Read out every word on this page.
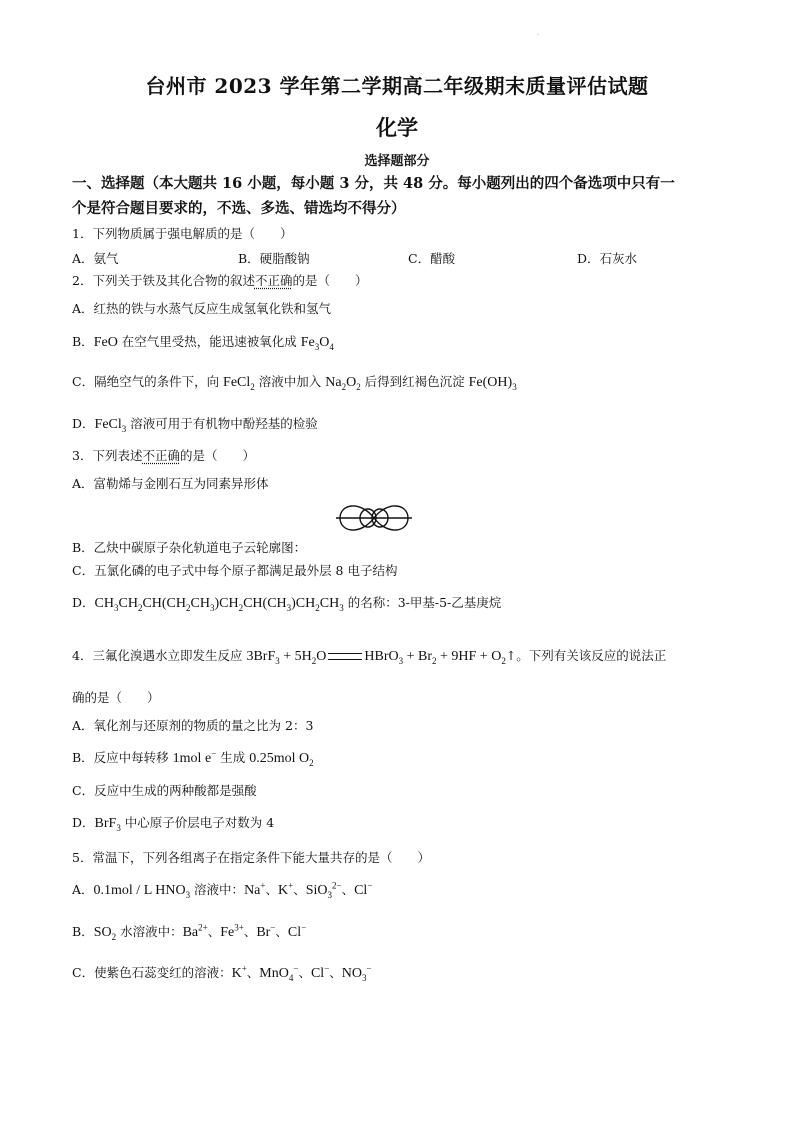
.
台州市 2023 学年第二学期高二年级期末质量评估试题
化学
选择题部分
一、选择题（本大题共 16 小题，每小题 3 分，共 48 分。每小题列出的四个备选项中只有一
个是符合题目要求的，不选、多选、错选均不得分）
1．下列物质属于强电解质的是（　　）
A．氨气	B．硬脂酸钠	C．醋酸	D．石灰水
2．下列关于铁及其化合物的叙述不正确的是（　　）
A．红热的铁与水蒸气反应生成氢氧化铁和氢气
B．FeO 在空气里受热，能迅速被氧化成 $Fe_3O_4$
C．隔绝空气的条件下，向 FeCl$_2$ 溶液中加入 $Na_2O_2$ 后得到红褐色沉淀 $Fe(OH)_3$
D．FeCl$_3$ 溶液可用于有机物中酚羟基的检验
3．下列表述不正确的是（　　）
A．富勒烯与金刚石互为同素异形体
B．乙炔中碳原子杂化轨道电子云轮廓图：
C．五氯化磷的电子式中每个原子都满足最外层 8 电子结构
D．$CH_3CH_2CH(CH_2CH_3)CH_2CH(CH_3)CH_2CH_3$ 的名称：3-甲基-5-乙基庚烷
4．三氟化溴遇水立即发生反应 $3BrF_3 + 5H_2O$	HBrO$_3$ + $Br_2 + 9HF$ + $O_2↑$。下列有关该反应的说法正
确的是（　　）
A．氧化剂与还原剂的物质的量之比为 2：3
B．反应中每转移 1mol e− 生成 0.25mol $O_2$
C．反应中生成的两种酸都是强酸
D．BrF$_3$ 中心原子价层电子对数为 4
5．常温下，下列各组离子在指定条件下能大量共存的是（　　）
A．0.1mol / L $HNO_3$ 溶液中：Na+、K+、SiO$_3^{2-}$、Cl−
B．$SO_2$ 水溶液中：$Ba^{2+}$、$Fe^{3+}$、Br−、Cl−
C．使紫色石蕊变红的溶液：K+、MnO$_4$−、Cl−、$NO_3^-$
